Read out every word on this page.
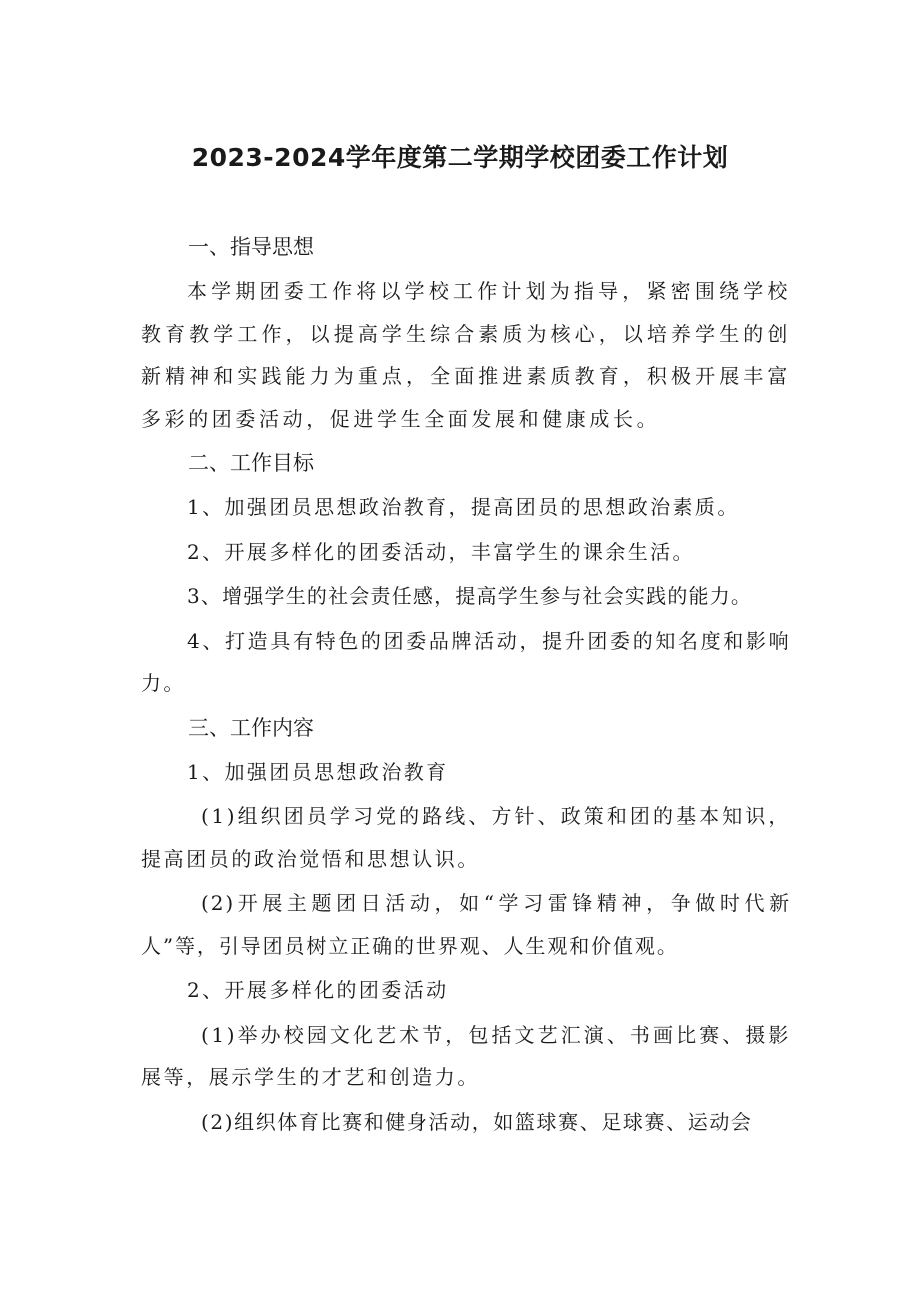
2023-2024学年度第二学期学校团委工作计划
一、指导思想

本学期团委工作将以学校工作计划为指导，紧密围绕学校教育教学工作，以提高学生综合素质为核心，以培养学生的创新精神和实践能力为重点，全面推进素质教育，积极开展丰富多彩的团委活动，促进学生全面发展和健康成长。

二、工作目标

1、加强团员思想政治教育，提高团员的思想政治素质。

2、开展多样化的团委活动，丰富学生的课余生活。

3、增强学生的社会责任感，提高学生参与社会实践的能力。

4、打造具有特色的团委品牌活动，提升团委的知名度和影响力。

三、工作内容

1、加强团员思想政治教育

(1)组织团员学习党的路线、方针、政策和团的基本知识，提高团员的政治觉悟和思想认识。

(2)开展主题团日活动，如“学习雷锋精神，争做时代新人”等，引导团员树立正确的世界观、人生观和价值观。

2、开展多样化的团委活动

(1)举办校园文化艺术节，包括文艺汇演、书画比赛、摄影展等，展示学生的才艺和创造力。

(2)组织体育比赛和健身活动，如篮球赛、足球赛、运动会
